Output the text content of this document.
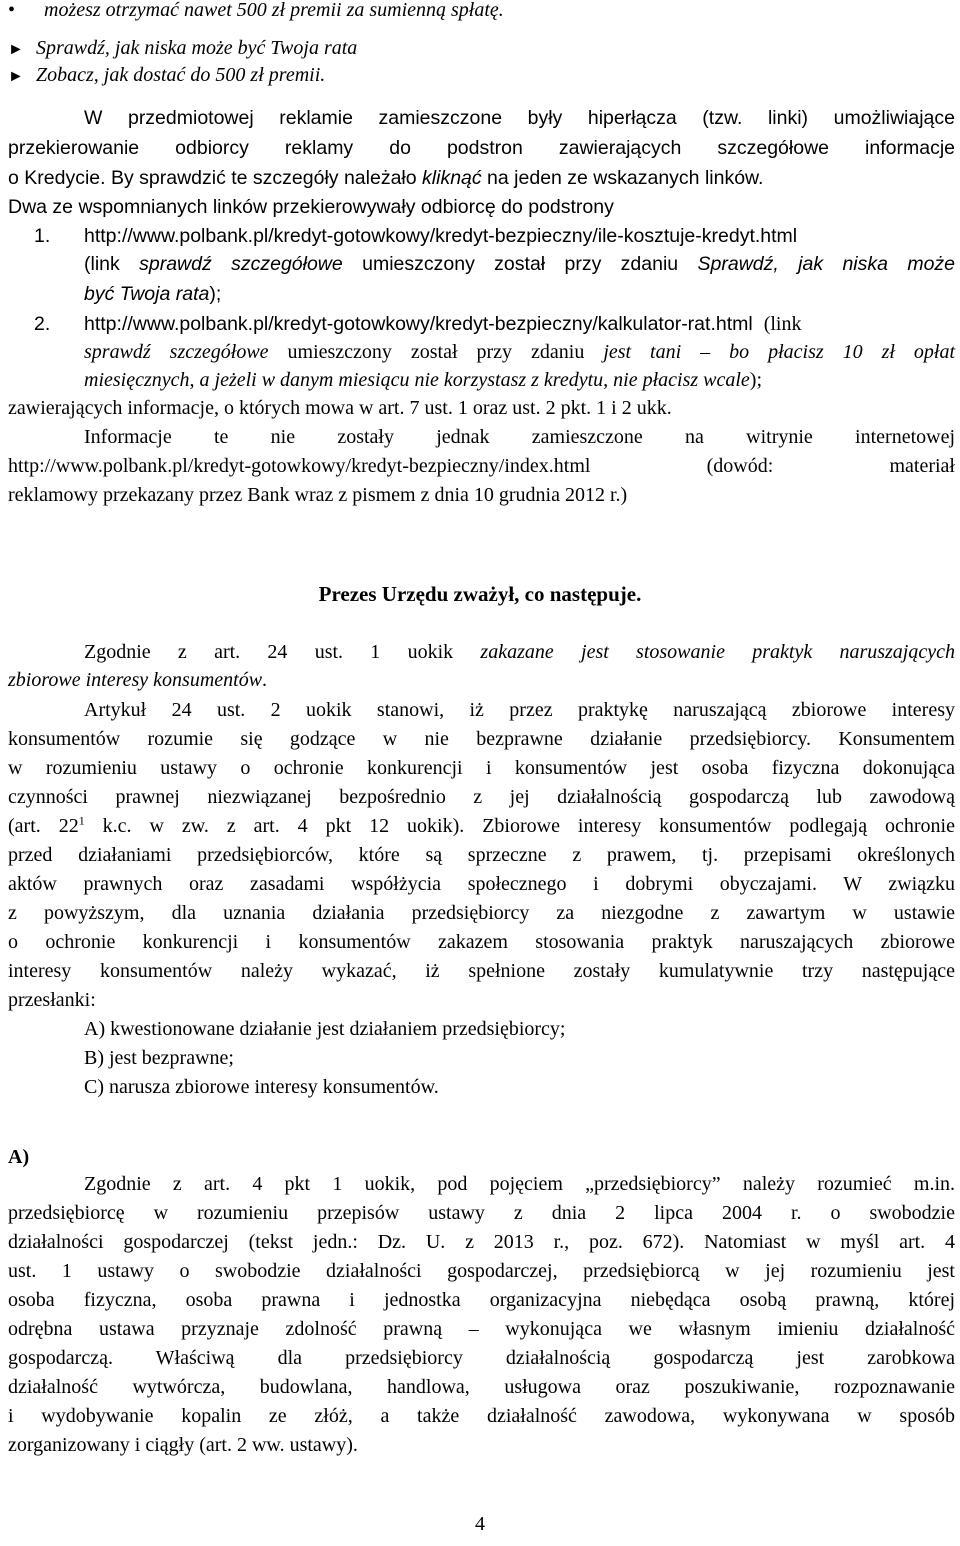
• możesz otrzymać nawet 500 zł premii za sumienną spłatę.
► Sprawdź, jak niska może być Twoja rata
► Zobacz, jak dostać do 500 zł premii.
W przedmiotowej reklamie zamieszczone były hiperłącza (tzw. linki) umożliwiające
przekierowanie odbiorcy reklamy do podstron zawierających szczegółowe informacje
o Kredycie. By sprawdzić te szczegóły należało kliknąć na jeden ze wskazanych linków.
Dwa ze wspomnianych linków przekierowywały odbiorcę do podstrony
1. http://www.polbank.pl/kredyt-gotowkowy/kredyt-bezpieczny/ile-kosztuje-kredyt.html
(link sprawdź szczegółowe umieszczony został przy zdaniu Sprawdź, jak niska może
być Twoja rata);
2. http://www.polbank.pl/kredyt-gotowkowy/kredyt-bezpieczny/kalkulator-rat.html (link
sprawdź szczegółowe umieszczony został przy zdaniu jest tani – bo płacisz 10 zł opłat
miesięcznych, a jeżeli w danym miesiącu nie korzystasz z kredytu, nie płacisz wcale);
zawierających informacje, o których mowa w art. 7 ust. 1 oraz ust. 2 pkt. 1 i 2 ukk.
Informacje te nie zostały jednak zamieszczone na witrynie internetowej
http://www.polbank.pl/kredyt-gotowkowy/kredyt-bezpieczny/index.html (dowód: materiał
reklamowy przekazany przez Bank wraz z pismem z dnia 10 grudnia 2012 r.)
Prezes Urzędu zważył, co następuje.
Zgodnie z art. 24 ust. 1 uokik zakazane jest stosowanie praktyk naruszających
zbiorowe interesy konsumentów.
Artykuł 24 ust. 2 uokik stanowi, iż przez praktykę naruszającą zbiorowe interesy
konsumentów rozumie się godzące w nie bezprawne działanie przedsiębiorcy. Konsumentem
w rozumieniu ustawy o ochronie konkurencji i konsumentów jest osoba fizyczna dokonująca
czynności prawnej niezwiązanej bezpośrednio z jej działalnością gospodarczą lub zawodową
(art. $22^1$ k.c. w zw. z art. 4 pkt 12 uokik). Zbiorowe interesy konsumentów podlegają ochronie
przed działaniami przedsiębiorców, które są sprzeczne z prawem, tj. przepisami określonych
aktów prawnych oraz zasadami współżycia społecznego i dobrymi obyczajami. W związku
z powyższym, dla uznania działania przedsiębiorcy za niezgodne z zawartym w ustawie
o ochronie konkurencji i konsumentów zakazem stosowania praktyk naruszających zbiorowe
interesy konsumentów należy wykazać, iż spełnione zostały kumulatywnie trzy następujące
przesłanki:
A) kwestionowane działanie jest działaniem przedsiębiorcy;
B) jest bezprawne;
C) narusza zbiorowe interesy konsumentów.
A)
Zgodnie z art. 4 pkt 1 uokik, pod pojęciem „przedsiębiorcy” należy rozumieć m.in.
przedsiębiorcę w rozumieniu przepisów ustawy z dnia 2 lipca 2004 r. o swobodzie
działalności gospodarczej (tekst jedn.: Dz. U. z 2013 r., poz. 672). Natomiast w myśl art. 4
ust. 1 ustawy o swobodzie działalności gospodarczej, przedsiębiorcą w jej rozumieniu jest
osoba fizyczna, osoba prawna i jednostka organizacyjna niebędąca osobą prawną, której
odrębna ustawa przyznaje zdolność prawną – wykonująca we własnym imieniu działalność
gospodarczą. Właściwą dla przedsiębiorcy działalnością gospodarczą jest zarobkowa
działalność wytwórcza, budowlana, handlowa, usługowa oraz poszukiwanie, rozpoznawanie
i wydobywanie kopalin ze złóż, a także działalność zawodowa, wykonywana w sposób
zorganizowany i ciągły (art. 2 ww. ustawy).
4
